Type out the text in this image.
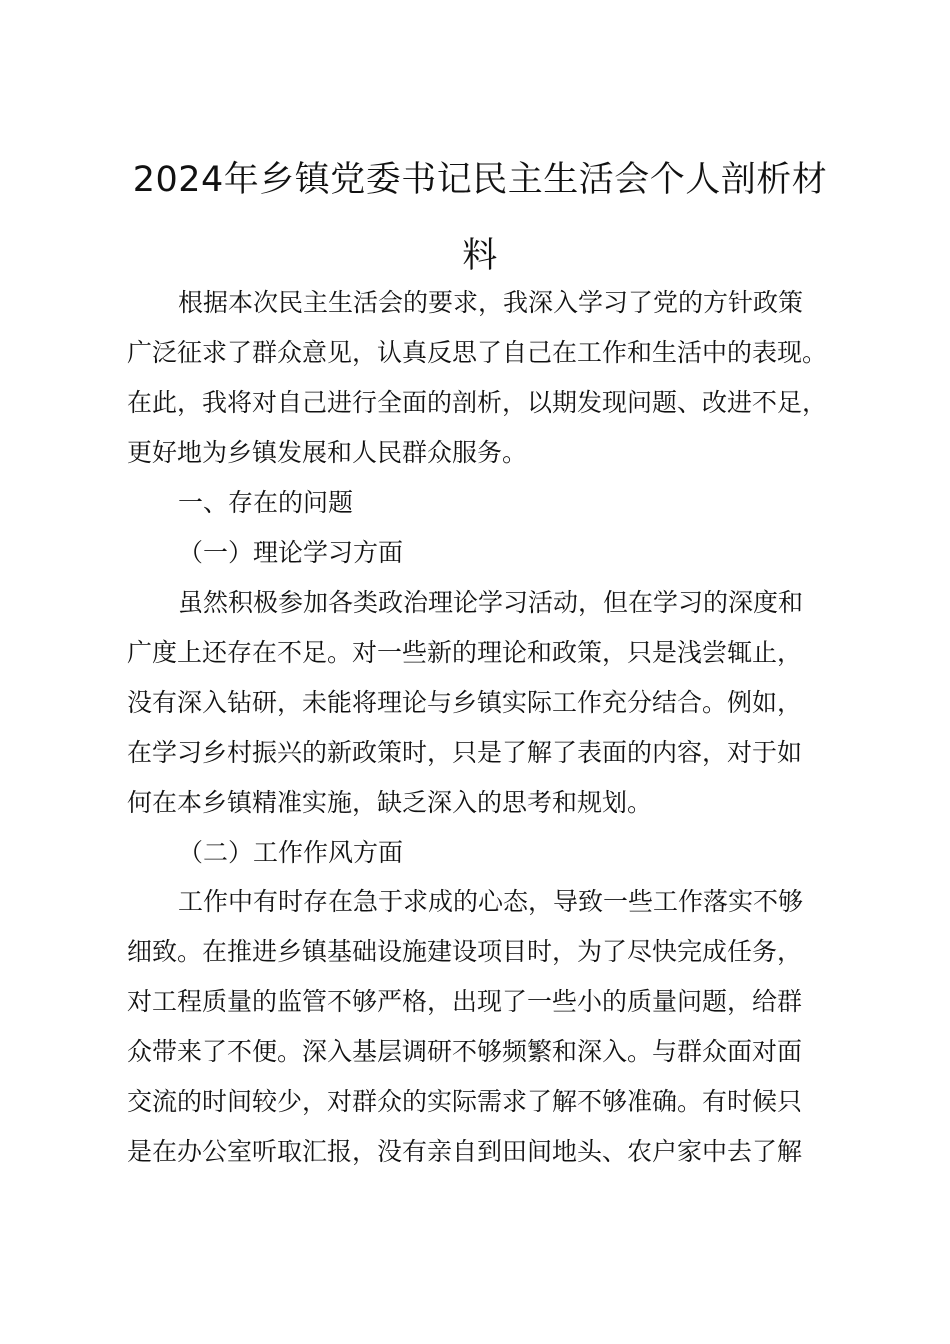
2024年乡镇党委书记民主生活会个人剖析材
料

根据本次民主生活会的要求，我深入学习了党的方针政策

广泛征求了群众意见，认真反思了自己在工作和生活中的表现。

在此，我将对自己进行全面的剖析，以期发现问题、改进不足，

更好地为乡镇发展和人民群众服务。

一、存在的问题

（一）理论学习方面

虽然积极参加各类政治理论学习活动，但在学习的深度和

广度上还存在不足。对一些新的理论和政策，只是浅尝辄止，

没有深入钻研，未能将理论与乡镇实际工作充分结合。例如，

在学习乡村振兴的新政策时，只是了解了表面的内容，对于如

何在本乡镇精准实施，缺乏深入的思考和规划。

（二）工作作风方面

工作中有时存在急于求成的心态，导致一些工作落实不够

细致。在推进乡镇基础设施建设项目时，为了尽快完成任务，

对工程质量的监管不够严格，出现了一些小的质量问题，给群

众带来了不便。深入基层调研不够频繁和深入。与群众面对面

交流的时间较少，对群众的实际需求了解不够准确。有时候只

是在办公室听取汇报，没有亲自到田间地头、农户家中去了解
